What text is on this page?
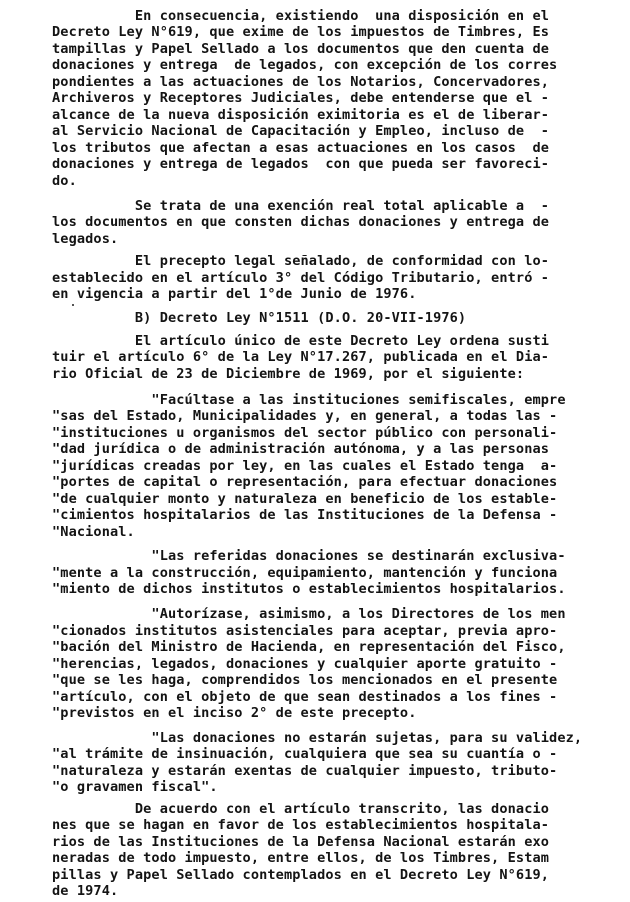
En consecuencia, existiendo  una disposición en el
Decreto Ley N°619, que exime de los impuestos de Timbres, Es
tampillas y Papel Sellado a los documentos que den cuenta de
donaciones y entrega  de legados, con excepción de los corres
pondientes a las actuaciones de los Notarios, Concervadores,
Archiveros y Receptores Judiciales, debe entenderse que el -
alcance de la nueva disposición eximitoria es el de liberar-
al Servicio Nacional de Capacitación y Empleo, incluso de  -
los tributos que afectan a esas actuaciones en los casos  de
donaciones y entrega de legados  con que pueda ser favoreci-
do.
Se trata de una exención real total aplicable a  -
los documentos en que consten dichas donaciones y entrega de
legados.
El precepto legal señalado, de conformidad con lo-
establecido en el artículo 3° del Código Tributario, entró -
en vigencia a partir del 1°de Junio de 1976.
B) Decreto Ley N°1511 (D.O. 20-VII-1976)
El artículo único de este Decreto Ley ordena susti
tuir el artículo 6° de la Ley N°17.267, publicada en el Dia-
rio Oficial de 23 de Diciembre de 1969, por el siguiente:
"Facúltase a las instituciones semifiscales, empre
"sas del Estado, Municipalidades y, en general, a todas las -
"instituciones u organismos del sector público con personali-
"dad jurídica o de administración autónoma, y a las personas
"jurídicas creadas por ley, en las cuales el Estado tenga  a-
"portes de capital o representación, para efectuar donaciones
"de cualquier monto y naturaleza en beneficio de los estable-
"cimientos hospitalarios de las Instituciones de la Defensa -
"Nacional.
"Las referidas donaciones se destinarán exclusiva-
"mente a la construcción, equipamiento, mantención y funciona
"miento de dichos institutos o establecimientos hospitalarios.
"Autorízase, asimismo, a los Directores de los men
"cionados institutos asistenciales para aceptar, previa apro-
"bación del Ministro de Hacienda, en representación del Fisco,
"herencias, legados, donaciones y cualquier aporte gratuito -
"que se les haga, comprendidos los mencionados en el presente
"artículo, con el objeto de que sean destinados a los fines -
"previstos en el inciso 2° de este precepto.
"Las donaciones no estarán sujetas, para su validez,
"al trámite de insinuación, cualquiera que sea su cuantía o -
"naturaleza y estarán exentas de cualquier impuesto, tributo-
"o gravamen fiscal".
De acuerdo con el artículo transcrito, las donacio
nes que se hagan en favor de los establecimientos hospitala-
rios de las Instituciones de la Defensa Nacional estarán exo
neradas de todo impuesto, entre ellos, de los Timbres, Estam
pillas y Papel Sellado contemplados en el Decreto Ley N°619,
de 1974.
